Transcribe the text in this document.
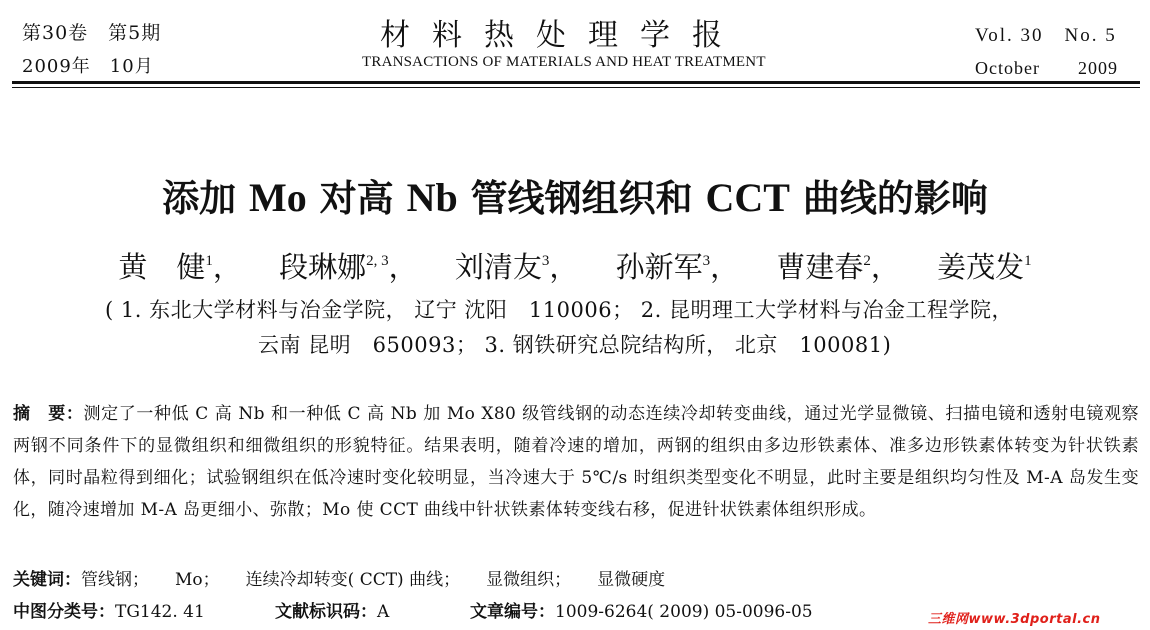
第30卷　第5期
2009年　10月
材料热处理学报
TRANSACTIONS OF MATERIALS AND HEAT TREATMENT
Vol. 30　No. 5
October　　2009
添加 Mo 对高 Nb 管线钢组织和 CCT 曲线的影响
黄　健$^1$， 段琳娜$^{2, 3}$， 刘清友$^3$， 孙新军$^3$， 曹建春$^2$， 姜茂发$^1$
( 1. 东北大学材料与冶金学院， 辽宁 沈阳　110006； 2. 昆明理工大学材料与冶金工程学院，
云南 昆明　650093； 3. 钢铁研究总院结构所， 北京　100081)
摘　要：测定了一种低 C 高 Nb 和一种低 C 高 Nb 加 Mo X80 级管线钢的动态连续冷却转变曲线，通过光学显微镜、扫描电镜和透射电镜观察两钢不同条件下的显微组织和细微组织的形貌特征。结果表明，随着冷速的增加，两钢的组织由多边形铁素体、准多边形铁素体转变为针状铁素体，同时晶粒得到细化；试验钢组织在低冷速时变化较明显，当冷速大于 5℃/s 时组织类型变化不明显，此时主要是组织均匀性及 M-A 岛发生变化，随冷速增加 M-A 岛更细小、弥散；Mo 使 CCT 曲线中针状铁素体转变线右移，促进针状铁素体组织形成。
关键词：管线钢； Mo； 连续冷却转变( CCT) 曲线； 显微组织； 显微硬度
中图分类号：TG142. 41	文献标识码：A	文章编号：1009-6264( 2009) 05-0096-05	三维网www.3dportal.cn
